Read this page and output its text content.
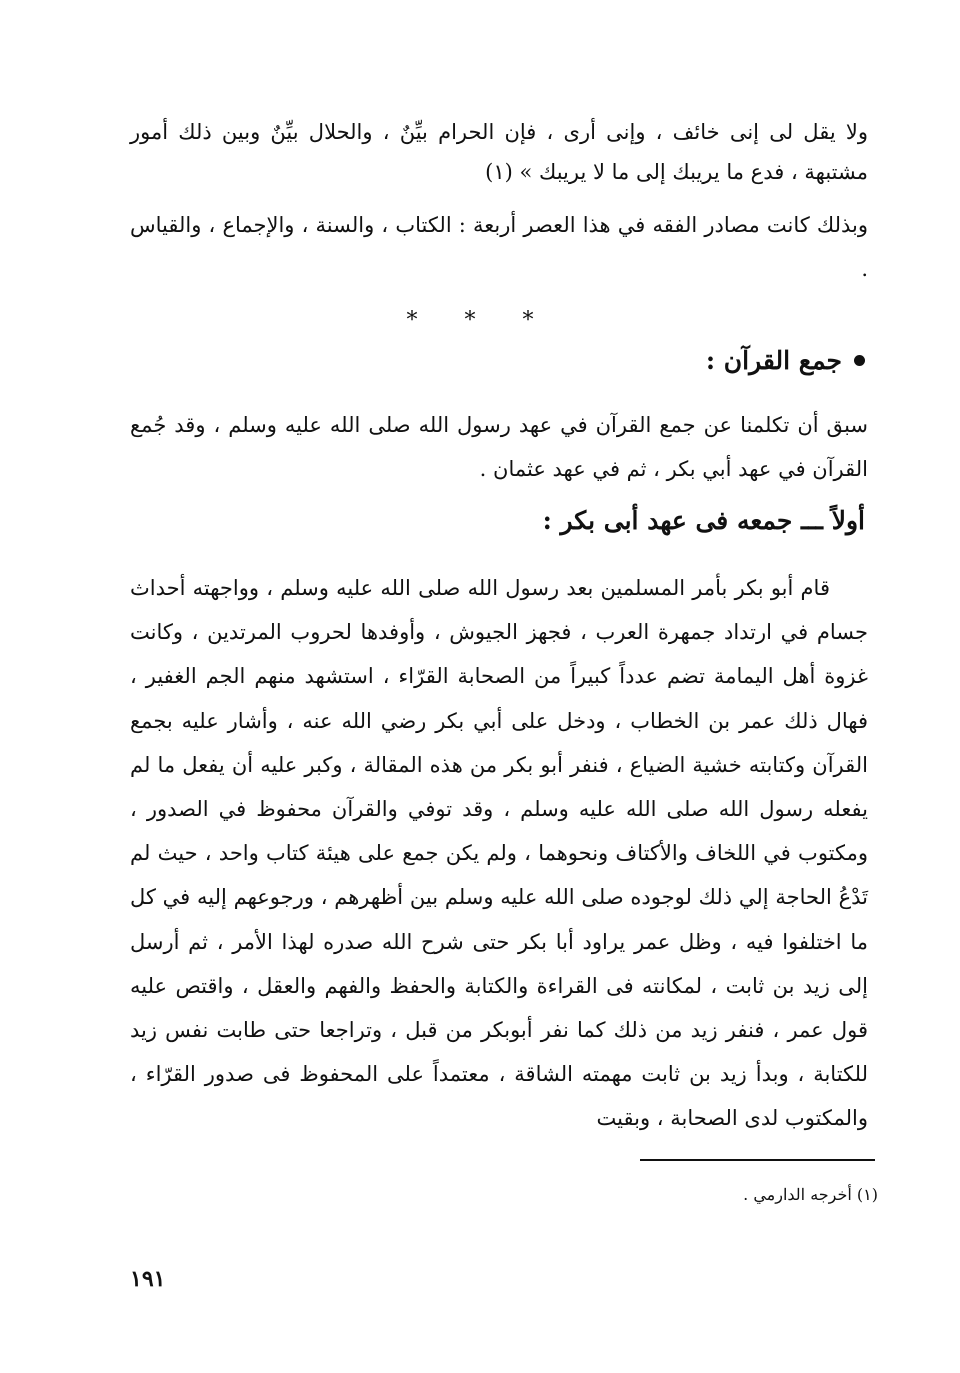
ولا يقل لى إنى خائف ، وإنى أرى ، فإن الحرام بيِّنٌ ، والحلال بيِّنٌ وبين ذلك أمور مشتبهة ، فدع ما يريبك إلى ما لا يريبك » (١)
وبذلك كانت مصادر الفقه في هذا العصر أربعة : الكتاب ، والسنة ، والإجماع ، والقياس .
* * *
جمع القرآن :
سبق أن تكلمنا عن جمع القرآن في عهد رسول الله صلى الله عليه وسلم ، وقد جُمع القرآن في عهد أبي بكر ، ثم في عهد عثمان .
أولاً ـــ جمعه فى عهد أبى بكر :
قام أبو بكر بأمر المسلمين بعد رسول الله صلى الله عليه وسلم ، وواجهته أحداث جسام في ارتداد جمهرة العرب ، فجهز الجيوش ، وأوفدها لحروب المرتدين ، وكانت غزوة أهل اليمامة تضم عدداً كبيراً من الصحابة القرّاء ، استشهد منهم الجم الغفير ، فهال ذلك عمر بن الخطاب ، ودخل على أبي بكر رضي الله عنه ، وأشار عليه بجمع القرآن وكتابته خشية الضياع ، فنفر أبو بكر من هذه المقالة ، وكبر عليه أن يفعل ما لم يفعله رسول الله صلى الله عليه وسلم ، وقد توفي والقرآن محفوظ في الصدور ، ومكتوب في اللخاف والأكتاف ونحوهما ، ولم يكن جمع على هيئة كتاب واحد ، حيث لم تَدْعُ الحاجة إلي ذلك لوجوده صلى الله عليه وسلم بين أظهرهم ، ورجوعهم إليه في كل ما اختلفوا فيه ، وظل عمر يراود أبا بكر حتى شرح الله صدره لهذا الأمر ، ثم أرسل إلى زيد بن ثابت ، لمكانته فى القراءة والكتابة والحفظ والفهم والعقل ، واقتص عليه قول عمر ، فنفر زيد من ذلك كما نفر أبوبكر من قبل ، وتراجعا حتى طابت نفس زيد للكتابة ، وبدأ زيد بن ثابت مهمته الشاقة ، معتمداً على المحفوظ فى صدور القرّاء ، والمكتوب لدى الصحابة ، وبقيت
(١) أخرجه الدارمي .
١٩١
